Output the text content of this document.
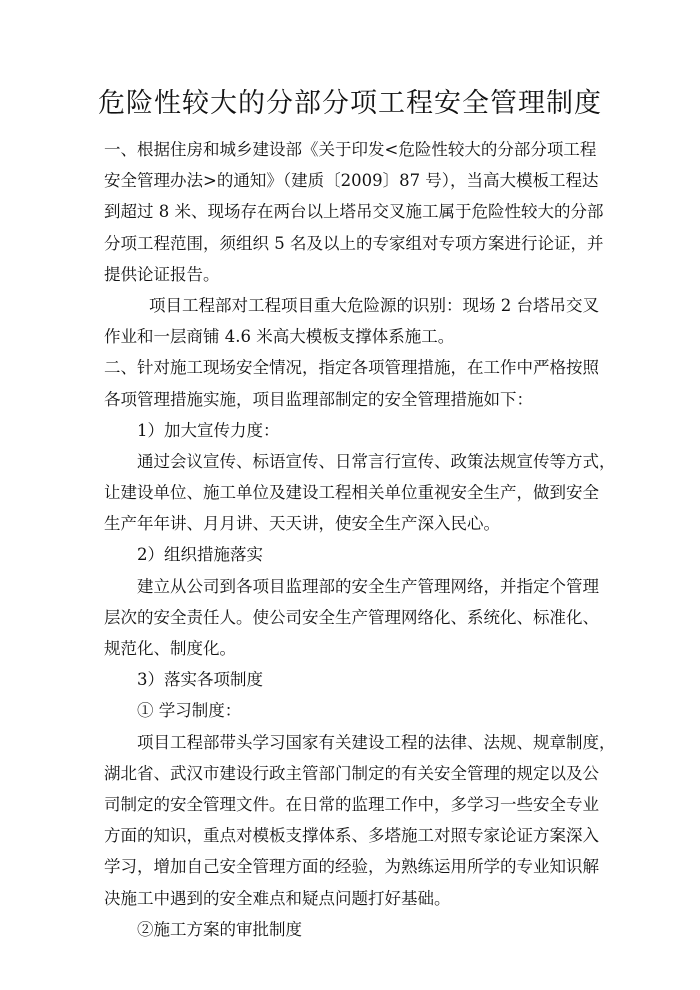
危险性较大的分部分项工程安全管理制度
一、根据住房和城乡建设部《关于印发<危险性较大的分部分项工程
安全管理办法>的通知》（建质〔2009〕87 号），当高大模板工程达
到超过 8 米、现场存在两台以上塔吊交叉施工属于危险性较大的分部
分项工程范围，须组织 5 名及以上的专家组对专项方案进行论证，并
提供论证报告。
项目工程部对工程项目重大危险源的识别：现场 2 台塔吊交叉
作业和一层商铺 4.6 米高大模板支撑体系施工。
二、针对施工现场安全情况，指定各项管理措施，在工作中严格按照
各项管理措施实施，项目监理部制定的安全管理措施如下：
1）加大宣传力度：
通过会议宣传、标语宣传、日常言行宣传、政策法规宣传等方式，
让建设单位、施工单位及建设工程相关单位重视安全生产，做到安全
生产年年讲、月月讲、天天讲，使安全生产深入民心。
2）组织措施落实
建立从公司到各项目监理部的安全生产管理网络，并指定个管理
层次的安全责任人。使公司安全生产管理网络化、系统化、标准化、
规范化、制度化。
3）落实各项制度
① 学习制度：
项目工程部带头学习国家有关建设工程的法律、法规、规章制度，
湖北省、武汉市建设行政主管部门制定的有关安全管理的规定以及公
司制定的安全管理文件。在日常的监理工作中，多学习一些安全专业
方面的知识，重点对模板支撑体系、多塔施工对照专家论证方案深入
学习，增加自己安全管理方面的经验，为熟练运用所学的专业知识解
决施工中遇到的安全难点和疑点问题打好基础。
②施工方案的审批制度
